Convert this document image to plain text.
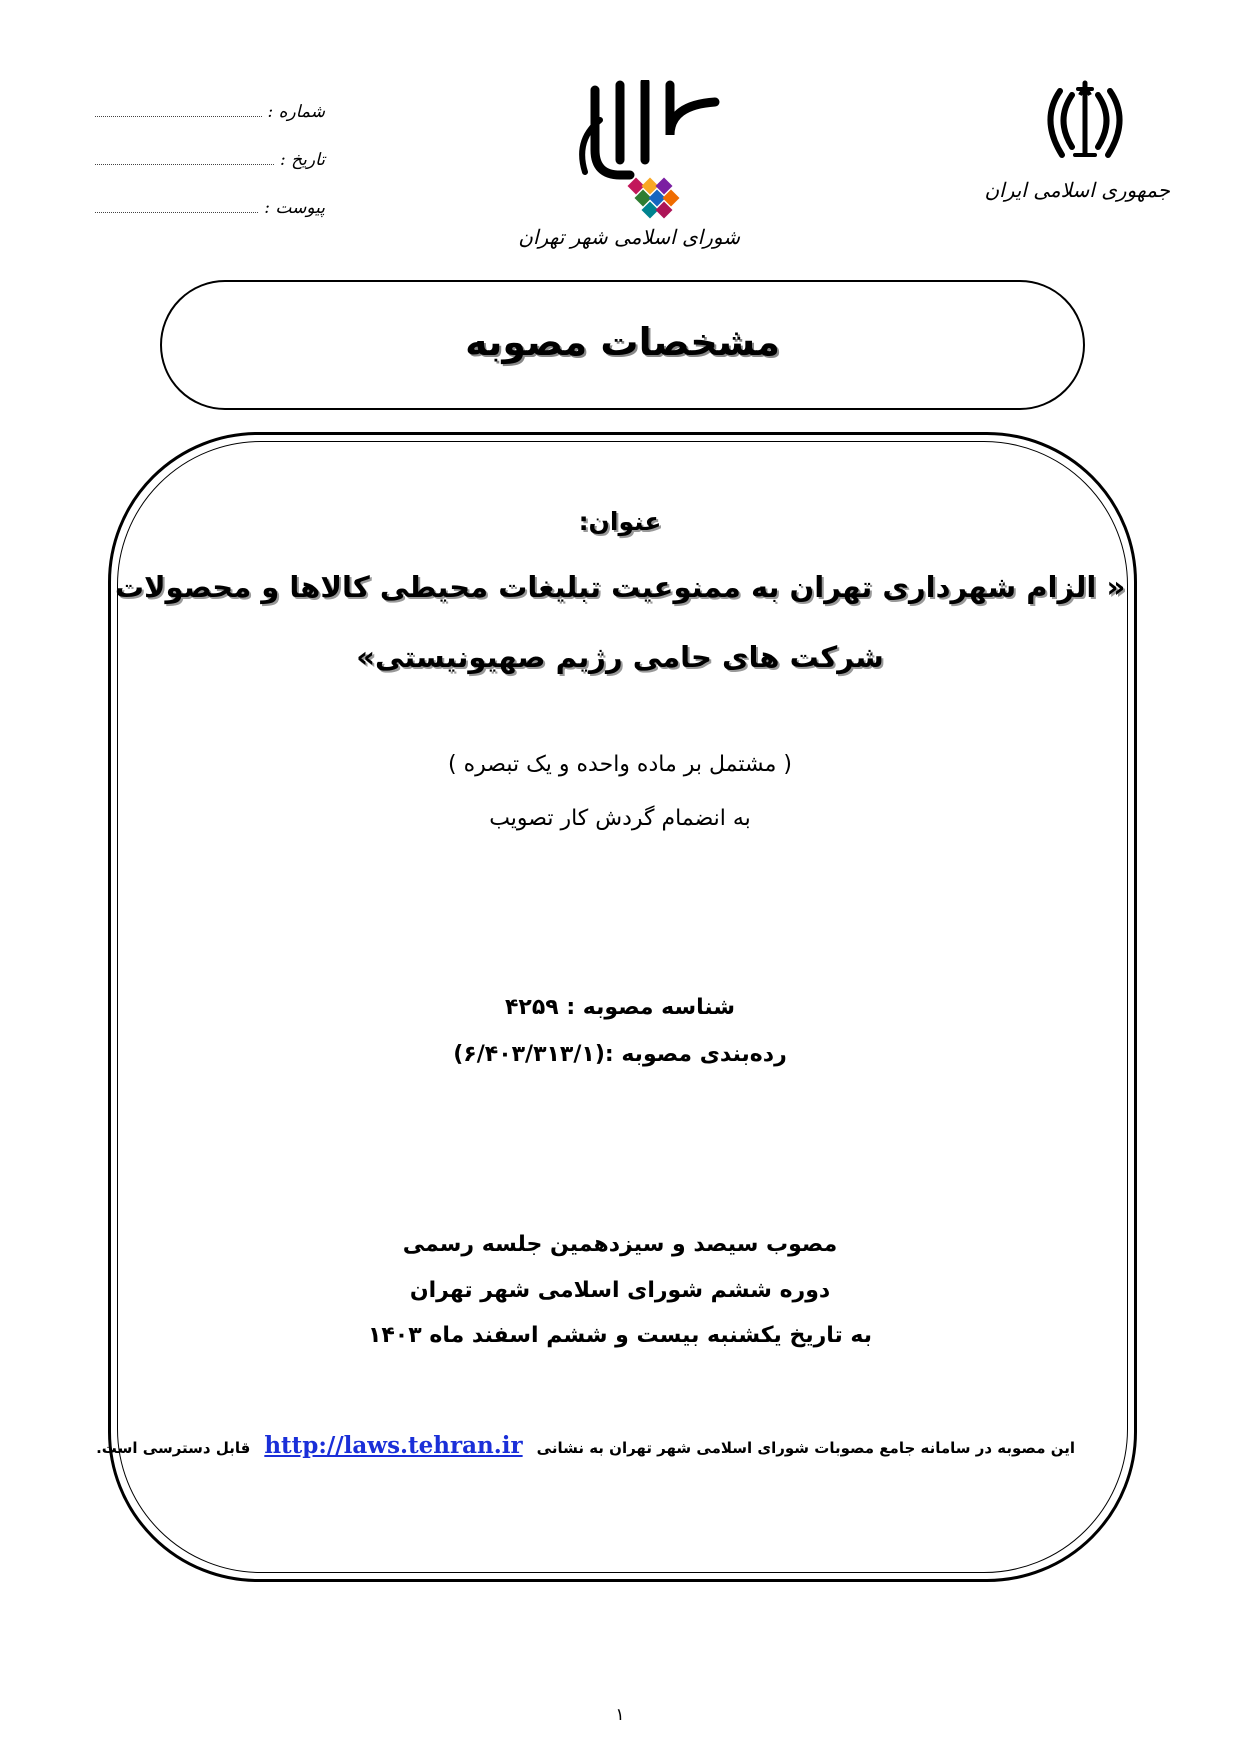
شماره :
تاریخ :
پیوست :
شورای اسلامی شهر تهران
جمهوری اسلامی ایران
مشخصات مصوبه
عنوان:
« الزام شهرداری تهران به ممنوعیت تبلیغات محیطی کالاها و محصولات
شرکت های حامی رژیم صهیونیستی»
( مشتمل بر ماده واحده و یک تبصره )
به انضمام گردش کار تصویب
شناسه مصوبه : ۴۲۵۹
رده‌بندی مصوبه :(۶/۴۰۳/۳۱۳/۱)
مصوب سیصد و سیزدهمین جلسه رسمی
دوره ششم شورای اسلامی شهر تهران
به تاریخ یکشنبه بیست و ششم اسفند ماه ۱۴۰۳
این مصوبه در سامانه جامع مصوبات شورای اسلامی شهر تهران به نشانی
http://laws.tehran.ir
قابل دسترسی است.
۱
